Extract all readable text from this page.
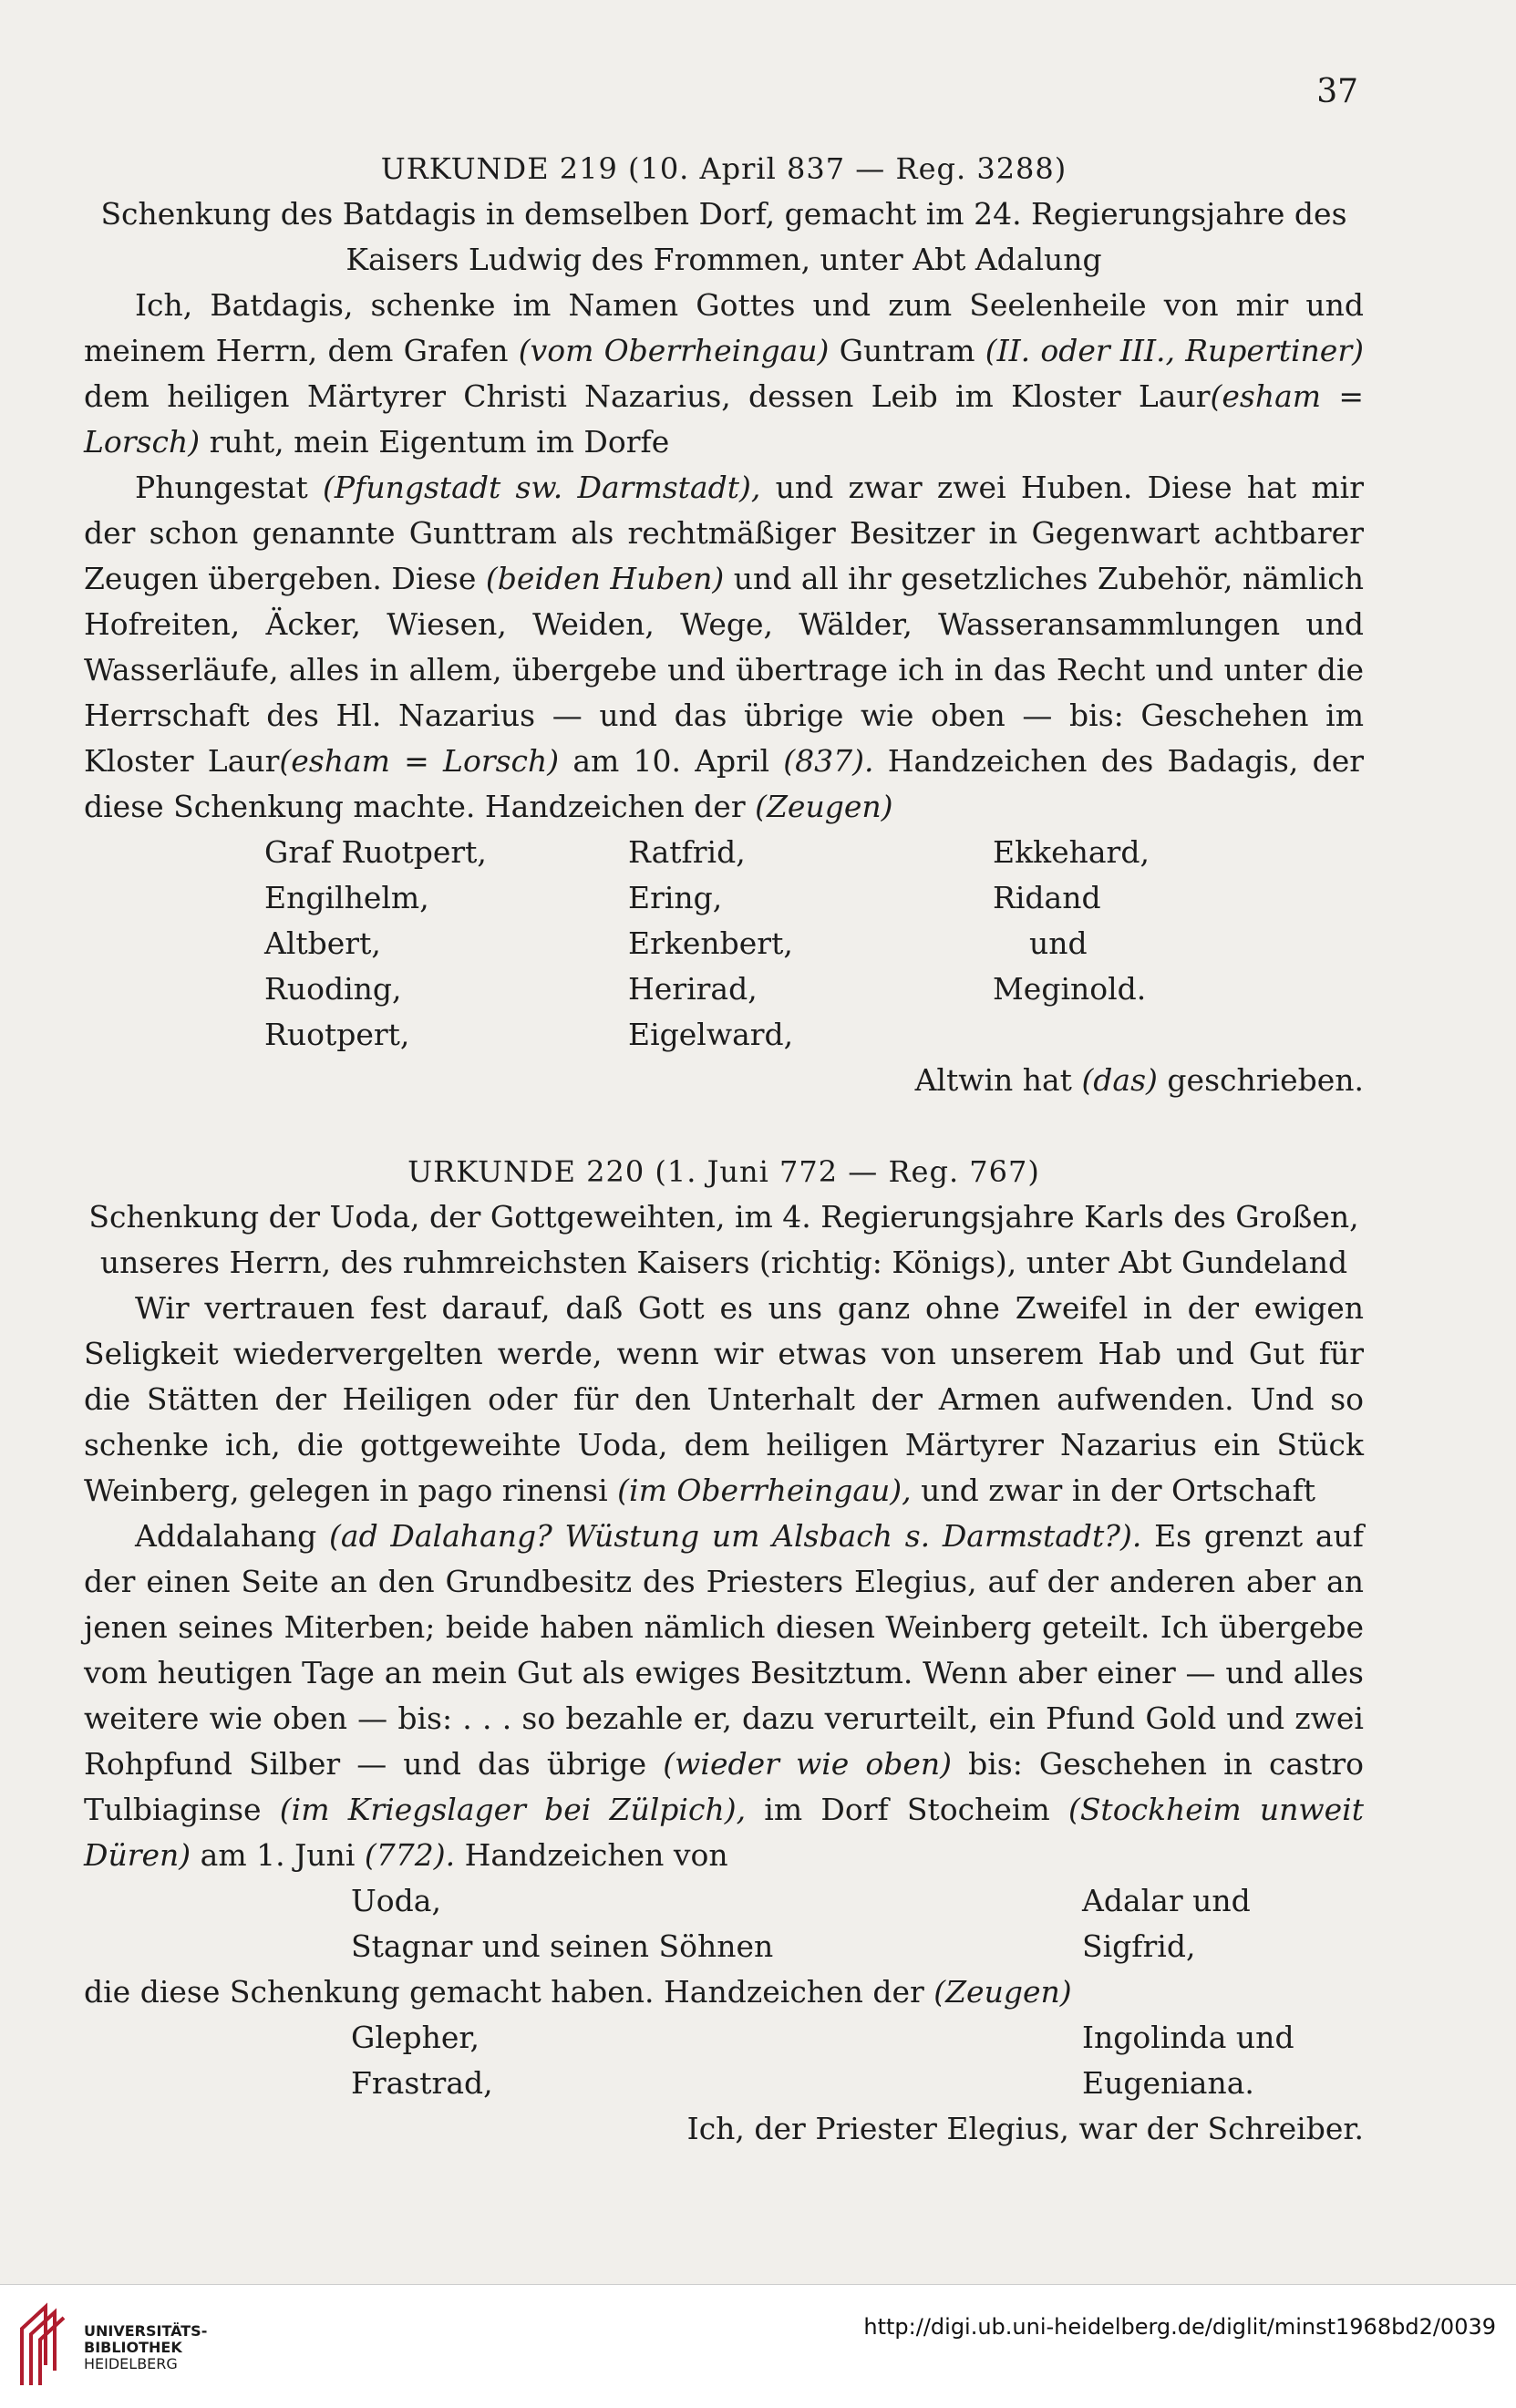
37
URKUNDE 219 (10. April 837 — Reg. 3288)
Schenkung des Batdagis in demselben Dorf, gemacht im 24. Regierungsjahre des
Kaisers Ludwig des Frommen, unter Abt Adalung

Ich, Batdagis, schenke im Namen Gottes und zum Seelenheile von mir und meinem Herrn, dem Grafen (vom Oberrheingau) Guntram (II. oder III., Rupertiner) dem heiligen Märtyrer Christi Nazarius, dessen Leib im Kloster Laur(esham = Lorsch) ruht, mein Eigentum im Dorfe

Phungestat (Pfungstadt sw. Darmstadt), und zwar zwei Huben. Diese hat mir der schon genannte Gunttram als rechtmäßiger Besitzer in Gegenwart achtbarer Zeugen übergeben. Diese (beiden Huben) und all ihr gesetzliches Zubehör, nämlich Hofreiten, Äcker, Wiesen, Weiden, Wege, Wälder, Wasseransammlungen und Wasserläufe, alles in allem, übergebe und übertrage ich in das Recht und unter die Herrschaft des Hl. Nazarius — und das übrige wie oben — bis: Geschehen im Kloster Laur(esham = Lorsch) am 10. April (837). Handzeichen des Badagis, der diese Schenkung machte. Handzeichen der (Zeugen)

Graf Ruotpert,	Ratfrid,	Ekkehard,
Engilhelm,	Ering,	Ridand
Altbert,	Erkenbert,	und
Ruoding,	Herirad,	Meginold.
Ruotpert,	Eigelward,
Altwin hat (das) geschrieben.
URKUNDE 220 (1. Juni 772 — Reg. 767)
Schenkung der Uoda, der Gottgeweihten, im 4. Regierungsjahre Karls des Großen,
unseres Herrn, des ruhmreichsten Kaisers (richtig: Königs), unter Abt Gundeland

Wir vertrauen fest darauf, daß Gott es uns ganz ohne Zweifel in der ewigen Seligkeit wiedervergelten werde, wenn wir etwas von unserem Hab und Gut für die Stätten der Heiligen oder für den Unterhalt der Armen aufwenden. Und so schenke ich, die gottgeweihte Uoda, dem heiligen Märtyrer Nazarius ein Stück Weinberg, gelegen in pago rinensi (im Oberrheingau), und zwar in der Ortschaft

Addalahang (ad Dalahang? Wüstung um Alsbach s. Darmstadt?). Es grenzt auf der einen Seite an den Grundbesitz des Priesters Elegius, auf der anderen aber an jenen seines Miterben; beide haben nämlich diesen Weinberg geteilt. Ich übergebe vom heutigen Tage an mein Gut als ewiges Besitztum. Wenn aber einer — und alles weitere wie oben — bis: . . . so bezahle er, dazu verurteilt, ein Pfund Gold und zwei Rohpfund Silber — und das übrige (wieder wie oben) bis: Geschehen in castro Tulbiaginse (im Kriegslager bei Zülpich), im Dorf Stocheim (Stockheim unweit Düren) am 1. Juni (772). Handzeichen von

Uoda,	Adalar und
Stagnar und seinen Söhnen	Sigfrid,

die diese Schenkung gemacht haben. Handzeichen der (Zeugen)

Glepher,	Ingolinda und
Frastrad,	Eugeniana.
Ich, der Priester Elegius, war der Schreiber.
UNIVERSITÄTS-
BIBLIOTHEK
HEIDELBERG
http://digi.ub.uni-heidelberg.de/diglit/minst1968bd2/0039
